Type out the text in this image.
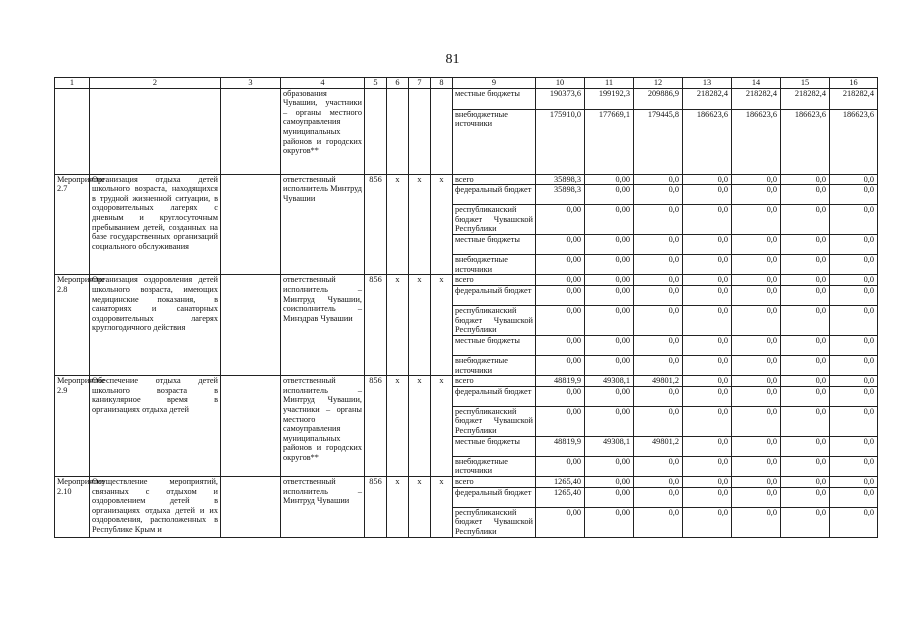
81
1	2	3	4	5	6	7	8	9	10	11	12	13	14	15	16
			образования Чувашии, участники – органы местного самоуправления муниципальных районов и городских округов**					местные бюджеты	190373,6	199192,3	209886,9	218282,4	218282,4	218282,4	218282,4
								внебюджетные источники	175910,0	177669,1	179445,8	186623,6	186623,6	186623,6	186623,6
Мероприятие 2.7	Организация отдыха детей школьного возраста, находящихся в трудной жизненной ситуации, в оздоровительных лагерях с дневным и круглосуточным пребыванием детей, созданных на базе государственных организаций социального обслуживания		ответственный исполнитель Минтруд Чувашии	856	x	x	x	всего	35898,3	0,00	0,0	0,0	0,0	0,0	0,0
								федеральный бюджет	35898,3	0,00	0,0	0,0	0,0	0,0	0,0
								республиканский бюджет Чувашской Республики	0,00	0,00	0,0	0,0	0,0	0,0	0,0
								местные бюджеты	0,00	0,00	0,0	0,0	0,0	0,0	0,0
								внебюджетные источники	0,00	0,00	0,0	0,0	0,0	0,0	0,0
Мероприятие 2.8	Организация оздоровления детей школьного возраста, имеющих медицинские показания, в санаториях и санаторных оздоровительных лагерях круглогодичного действия		ответственный исполнитель – Минтруд Чувашии, соисполнитель – Минздрав Чувашии	856	x	x	x	всего	0,00	0,00	0,0	0,0	0,0	0,0	0,0
								федеральный бюджет	0,00	0,00	0,0	0,0	0,0	0,0	0,0
								республиканский бюджет Чувашской Республики	0,00	0,00	0,0	0,0	0,0	0,0	0,0
								местные бюджеты	0,00	0,00	0,0	0,0	0,0	0,0	0,0
								внебюджетные источники	0,00	0,00	0,0	0,0	0,0	0,0	0,0
Мероприятие 2.9	Обеспечение отдыха детей школьного возраста в каникулярное время в организациях отдыха детей		ответственный исполнитель – Минтруд Чувашии, участники – органы местного самоуправления муниципальных районов и городских округов**	856	x	x	x	всего	48819,9	49308,1	49801,2	0,0	0,0	0,0	0,0
								федеральный бюджет	0,00	0,00	0,0	0,0	0,0	0,0	0,0
								республиканский бюджет Чувашской Республики	0,00	0,00	0,0	0,0	0,0	0,0	0,0
								местные бюджеты	48819,9	49308,1	49801,2	0,0	0,0	0,0	0,0
								внебюджетные источники	0,00	0,00	0,0	0,0	0,0	0,0	0,0
Мероприятие 2.10	Осуществление мероприятий, связанных с отдыхом и оздоровлением детей в организациях отдыха детей и их оздоровления, расположенных в Республике Крым и		ответственный исполнитель – Минтруд Чувашии	856	x	x	x	всего	1265,40	0,00	0,0	0,0	0,0	0,0	0,0
								федеральный бюджет	1265,40	0,00	0,0	0,0	0,0	0,0	0,0
								республиканский бюджет Чувашской Республики	0,00	0,00	0,0	0,0	0,0	0,0	0,0
